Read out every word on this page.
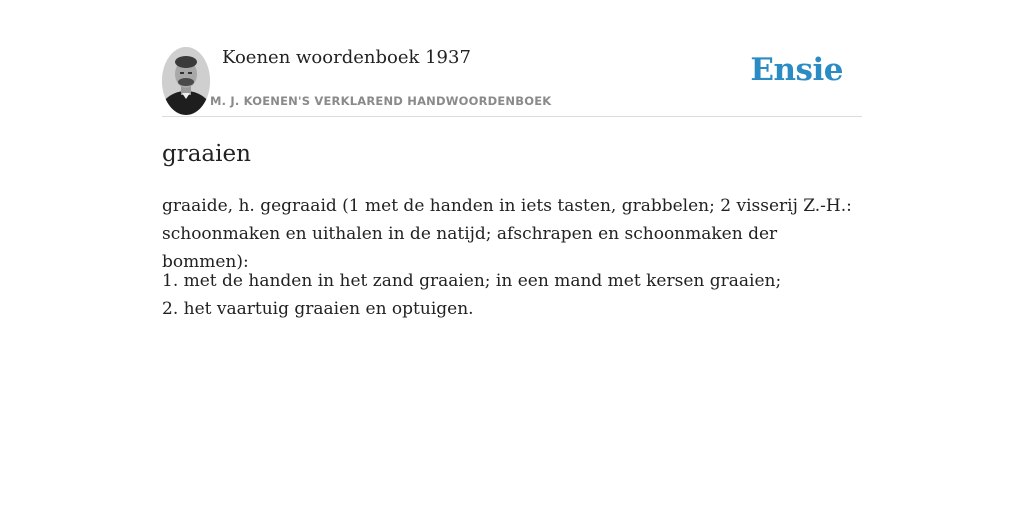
Koenen woordenboek 1937
M. J. KOENEN'S VERKLAREND HANDWOORDENBOEK
Ensie
graaien

graaide, h. gegraaid (1 met de handen in iets tasten, grabbelen; 2 visserij Z.-H.:
schoonmaken en uithalen in de natijd; afschrapen en schoonmaken der bommen):

1. met de handen in het zand graaien; in een mand met kersen graaien;
2. het vaartuig graaien en optuigen.
